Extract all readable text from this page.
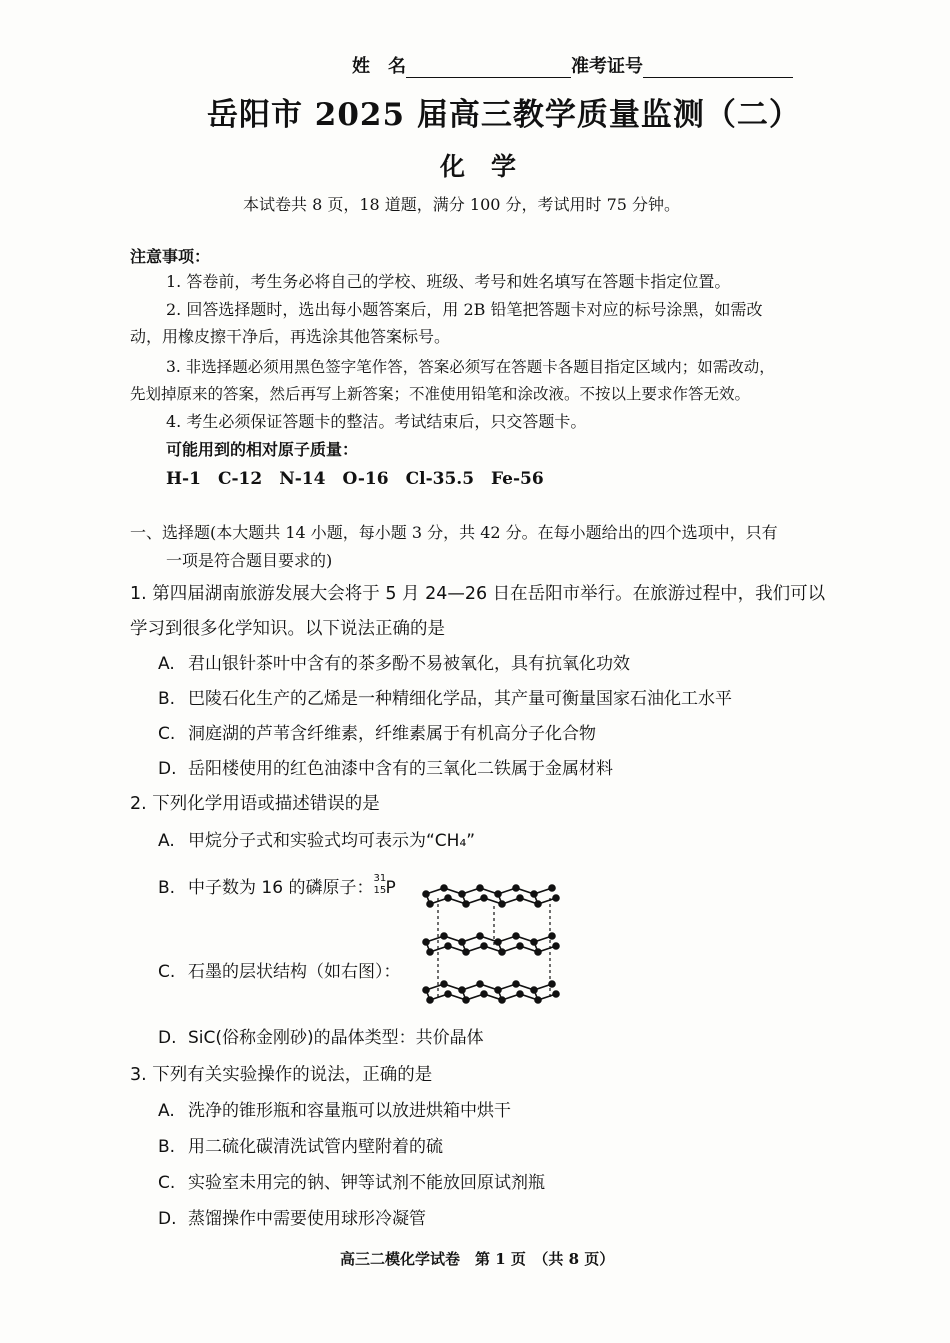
姓　名	准考证号
岳阳市 2025 届高三教学质量监测（二）
化学
本试卷共 8 页，18 道题，满分 100 分，考试用时 75 分钟。
注意事项：
1. 答卷前，考生务必将自己的学校、班级、考号和姓名填写在答题卡指定位置。
2. 回答选择题时，选出每小题答案后，用 2B 铅笔把答题卡对应的标号涂黑，如需改
动，用橡皮擦干净后，再选涂其他答案标号。
3. 非选择题必须用黑色签字笔作答，答案必须写在答题卡各题目指定区域内；如需改动，
先划掉原来的答案，然后再写上新答案；不准使用铅笔和涂改液。不按以上要求作答无效。
4. 考生必须保证答题卡的整洁。考试结束后，只交答题卡。
可能用到的相对原子质量：
H-1　C-12　N-14　O-16　Cl-35.5　Fe-56
一、选择题(本大题共 14 小题，每小题 3 分，共 42 分。在每小题给出的四个选项中，只有
一项是符合题目要求的)
1. 第四届湖南旅游发展大会将于 5 月 24—26 日在岳阳市举行。在旅游过程中，我们可以
学习到很多化学知识。以下说法正确的是
A. 君山银针茶叶中含有的茶多酚不易被氧化，具有抗氧化功效
B. 巴陵石化生产的乙烯是一种精细化学品，其产量可衡量国家石油化工水平
C. 洞庭湖的芦苇含纤维素，纤维素属于有机高分子化合物
D. 岳阳楼使用的红色油漆中含有的三氧化二铁属于金属材料
2. 下列化学用语或描述错误的是
A. 甲烷分子式和实验式均可表示为“CH₄”
B. 中子数为 16 的磷原子： 31
15 P
C. 石墨的层状结构（如右图）：
D. SiC(俗称金刚砂)的晶体类型：共价晶体
3. 下列有关实验操作的说法，正确的是
A. 洗净的锥形瓶和容量瓶可以放进烘箱中烘干
B. 用二硫化碳清洗试管内壁附着的硫
C. 实验室未用完的钠、钾等试剂不能放回原试剂瓶
D. 蒸馏操作中需要使用球形冷凝管
高三二模化学试卷　第 1 页　（共 8 页）
